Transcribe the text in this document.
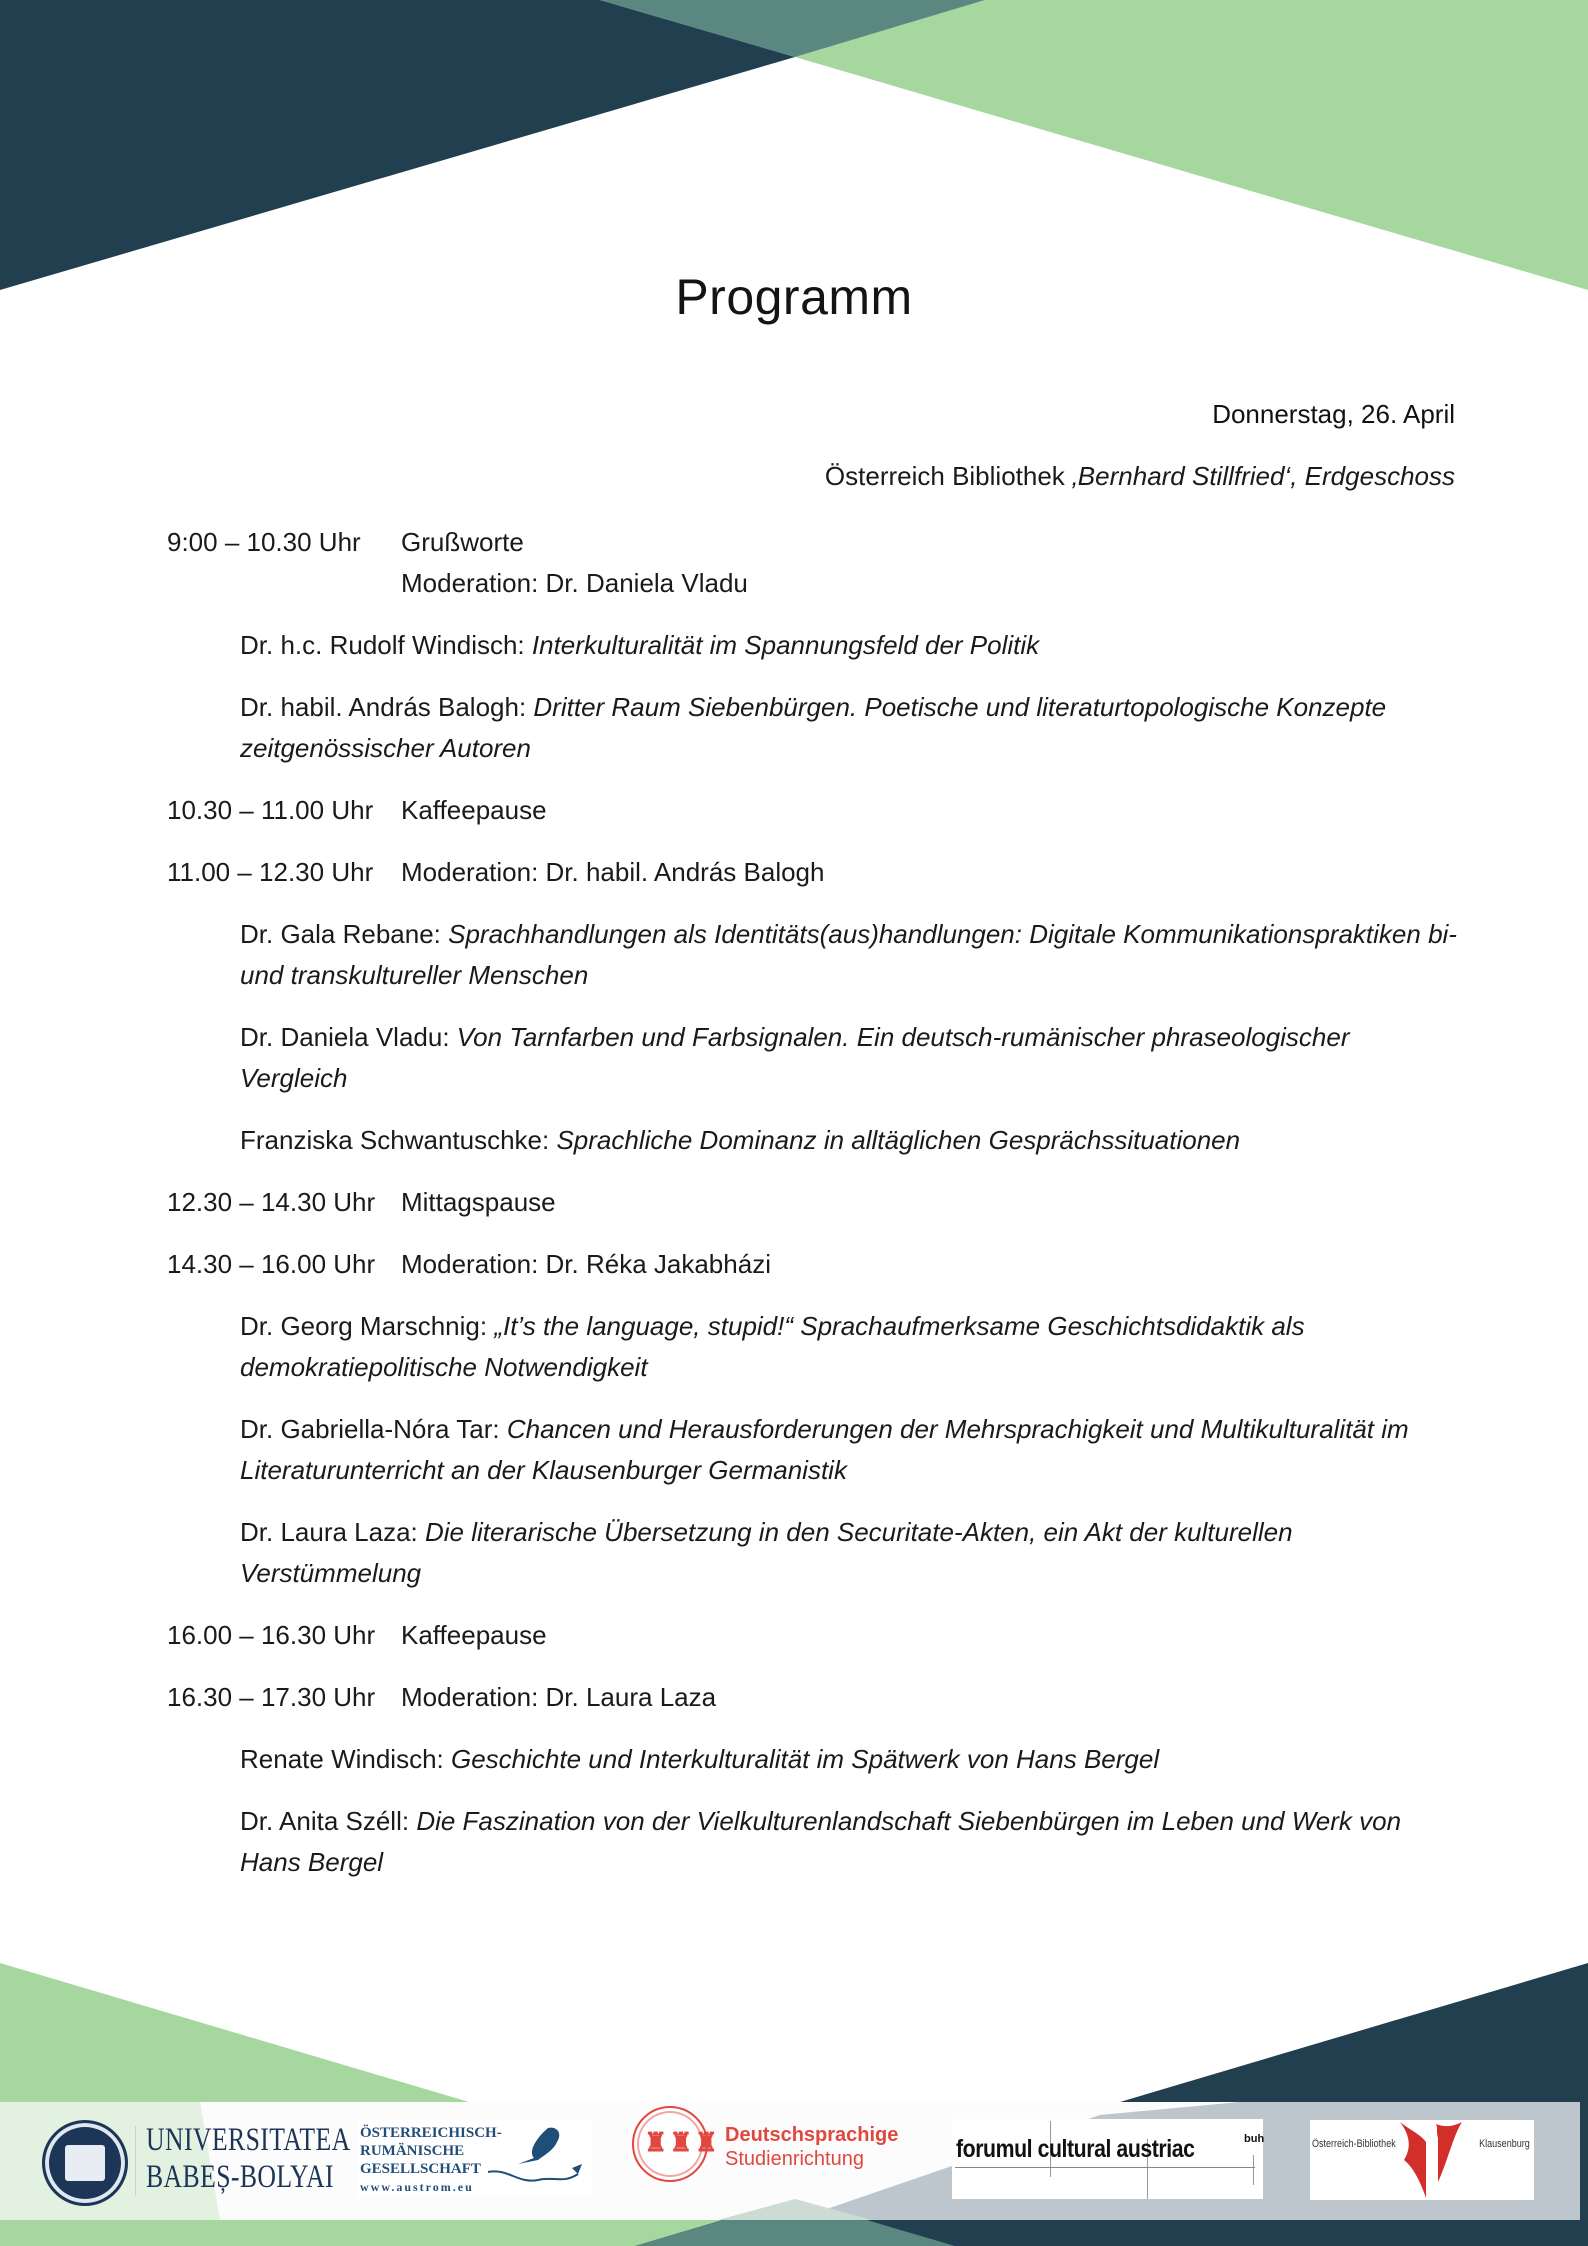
Programm
Donnerstag, 26. April
Österreich Bibliothek ‚Bernhard Stillfried‘, Erdgeschoss
9:00 – 10.30 Uhr	Grußworte
Moderation: Dr. Daniela Vladu
Dr. h.c. Rudolf Windisch: Interkulturalität im Spannungsfeld der Politik
Dr. habil. András Balogh: Dritter Raum Siebenbürgen. Poetische und literaturtopologische Konzepte zeitgenössischer Autoren
10.30 – 11.00 Uhr	Kaffeepause
11.00 – 12.30 Uhr	Moderation: Dr. habil. András Balogh
Dr. Gala Rebane: Sprachhandlungen als Identitäts(aus)handlungen: Digitale Kommunikationspraktiken bi- und transkultureller Menschen
Dr. Daniela Vladu: Von Tarnfarben und Farbsignalen. Ein deutsch-rumänischer phraseologischer Vergleich
Franziska Schwantuschke: Sprachliche Dominanz in alltäglichen Gesprächssituationen
12.30 – 14.30 Uhr Mittagspause
14.30 – 16.00 Uhr Moderation: Dr. Réka Jakabházi
Dr. Georg Marschnig: „It’s the language, stupid!“ Sprachaufmerksame Geschichtsdidaktik als demokratiepolitische Notwendigkeit
Dr. Gabriella-Nóra Tar: Chancen und Herausforderungen der Mehrsprachigkeit und Multikulturalität im Literaturunterricht an der Klausenburger Germanistik
Dr. Laura Laza: Die literarische Übersetzung in den Securitate-Akten, ein Akt der kulturellen Verstümmelung
16.00 – 16.30 Uhr Kaffeepause
16.30 – 17.30 Uhr Moderation: Dr. Laura Laza
Renate Windisch: Geschichte und Interkulturalität im Spätwerk von Hans Bergel
Dr. Anita Széll: Die Faszination von der Vielkulturenlandschaft Siebenbürgen im Leben und Werk von Hans Bergel
UNIVERSITATEA
BABEȘ-BOLYAI
ÖSTERREICHISCH-
RUMÄNISCHE
GESELLSCHAFT
www.austrom.eu
♜♜♜ Deutschsprachige
Studienrichtung	forumul cultural austriac	buh	Österreich-Bibliothek	Klausenburg
